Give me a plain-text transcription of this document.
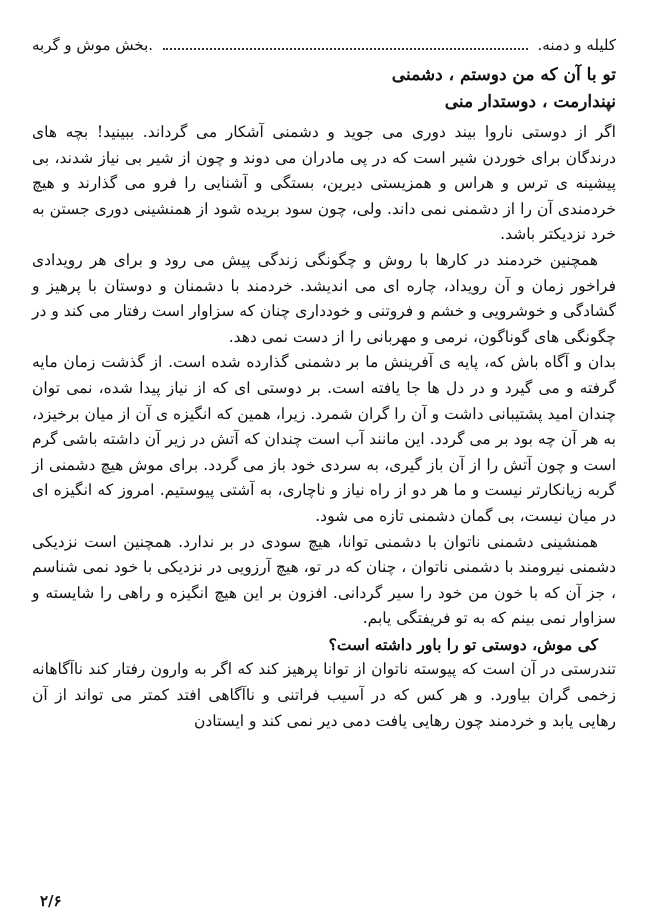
کلیله و دمنه.
.بخش موش و گربه
تو با آن که من دوستم ، دشمنی
نپندارمت ، دوستدار منی

اگر از دوستی ناروا بیند دوری می جوید و دشمنی آشکار می گرداند. ببینید! بچه های درندگان برای خوردن شیر است که در پی مادران می دوند و چون از شیر بی نیاز شدند، بی پیشینه ی ترس و هراس و همزیستی دیرین، بستگی و آشنایی را فرو می گذارند و هیچ خردمندی آن را از دشمنی نمی داند. ولی، چون سود بریده شود از همنشینی دوری جستن به خرد نزدیکتر باشد.

همچنین خردمند در کارها با روش و چگونگی زندگی پیش می رود و برای هر رویدادی فراخور زمان و آن رویداد، چاره ای می اندیشد. خردمند با دشمنان و دوستان با پرهیز و گشادگی و خوشرویی و خشم و فروتنی و خودداری چنان که سزاوار است رفتار می کند و در چگونگی های گوناگون، نرمی و مهربانی را از دست نمی دهد.

بدان و آگاه باش که، پایه ی آفرینش ما بر دشمنی گذارده شده است. از گذشت زمان مایه گرفته و می گیرد و در دل ها جا یافته است. بر دوستی ای که از نیاز پیدا شده، نمی توان چندان امید پشتیبانی داشت و آن را گران شمرد. زیرا، همین که انگیزه ی آن از میان برخیزد، به هر آن چه بود بر می گردد. این مانند آب است چندان که آتش در زیر آن داشته باشی گرم است و چون آتش را از آن باز گیری، به سردی خود باز می گردد. برای موش هیچ دشمنی از گربه زیانکارتر نیست و ما هر دو از راه نیاز و ناچاری، به آشتی پیوستیم. امروز که انگیزه ای در میان نیست، بی گمان دشمنی تازه می شود.

همنشینی دشمنی ناتوان با دشمنی توانا، هیچ سودی در بر ندارد. همچنین است نزدیکی دشمنی نیرومند با دشمنی ناتوان ، چنان که در تو، هیچ آرزویی در نزدیکی با خود نمی شناسم ، جز آن که با خون من خود را سیر گردانی. افزون بر این هیچ انگیزه و راهی را شایسته و سزاوار نمی بینم که به تو فریفتگی یابم.

کی موش، دوستی تو را باور داشته است؟

تندرستی در آن است که پیوسته ناتوان از توانا پرهیز کند که اگر به وارون رفتار کند ناآگاهانه زخمی گران بیاورد. و هر کس که در آسیب فراتنی و ناآگاهی افتد کمتر می تواند از آن رهایی یابد و خردمند چون رهایی یافت دمی دیر نمی کند و ایستادن

۲/۶
